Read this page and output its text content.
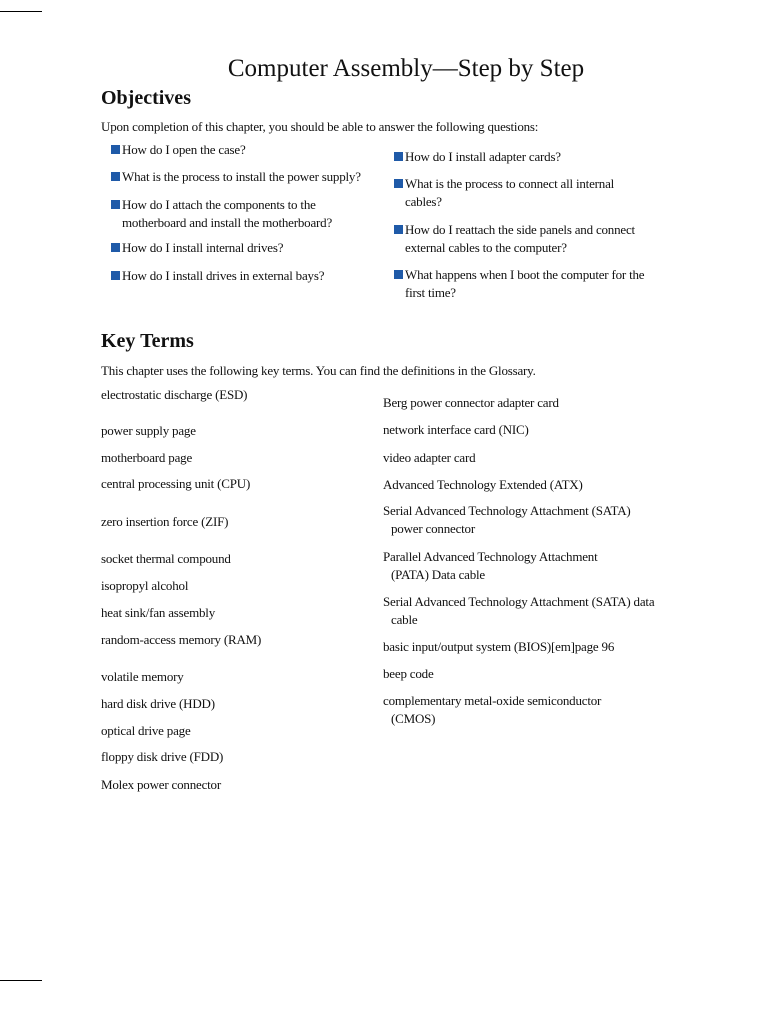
Computer Assembly—Step by Step
Objectives
Upon completion of this chapter, you should be able to answer the following questions:
How do I open the case?
What is the process to install the power supply?
How do I attach the components to the
motherboard and install the motherboard?
How do I install internal drives?
How do I install drives in external bays?
How do I install adapter cards?
What is the process to connect all internal
cables?
How do I reattach the side panels and connect
external cables to the computer?
What happens when I boot the computer for the
first time?
Key Terms
This chapter uses the following key terms. You can find the definitions in the Glossary.
electrostatic discharge (ESD)
power supply page
motherboard page
central processing unit (CPU)
zero insertion force (ZIF)
socket thermal compound
isopropyl alcohol
heat sink/fan assembly
random-access memory (RAM)
volatile memory
hard disk drive (HDD)
optical drive page
floppy disk drive (FDD)
Molex power connector
Berg power connector adapter card
network interface card (NIC)
video adapter card
Advanced Technology Extended (ATX)
Serial Advanced Technology Attachment (SATA)
power connector
Parallel Advanced Technology Attachment
(PATA) Data cable
Serial Advanced Technology Attachment (SATA) data
cable
basic input/output system (BIOS)[em]page 96
beep code
complementary metal-oxide semiconductor
(CMOS)
